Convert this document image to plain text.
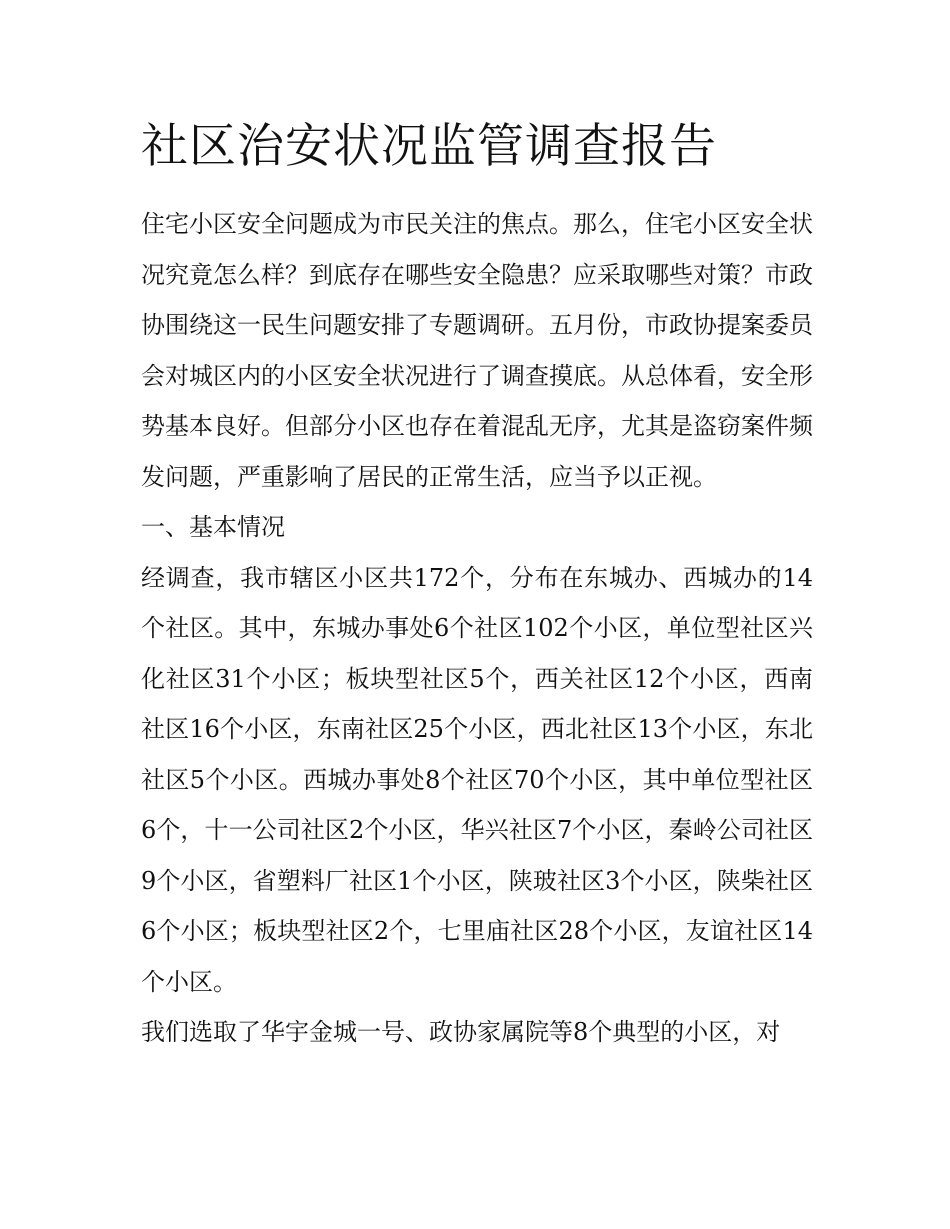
社区治安状况监管调查报告

住宅小区安全问题成为市民关注的焦点。那么，住宅小区安全状况究竟怎么样？到底存在哪些安全隐患？应采取哪些对策？市政协围绕这一民生问题安排了专题调研。五月份，市政协提案委员会对城区内的小区安全状况进行了调查摸底。从总体看，安全形势基本良好。但部分小区也存在着混乱无序，尤其是盗窃案件频发问题，严重影响了居民的正常生活，应当予以正视。

一、基本情况

经调查，我市辖区小区共172个，分布在东城办、西城办的14个社区。其中，东城办事处6个社区102个小区，单位型社区兴化社区31个小区；板块型社区5个，西关社区12个小区，西南社区16个小区，东南社区25个小区，西北社区13个小区，东北社区5个小区。西城办事处8个社区70个小区，其中单位型社区6个，十一公司社区2个小区，华兴社区7个小区，秦岭公司社区9个小区，省塑料厂社区1个小区，陕玻社区3个小区，陕柴社区6个小区；板块型社区2个，七里庙社区28个小区，友谊社区14个小区。

我们选取了华宇金城一号、政协家属院等8个典型的小区，对
